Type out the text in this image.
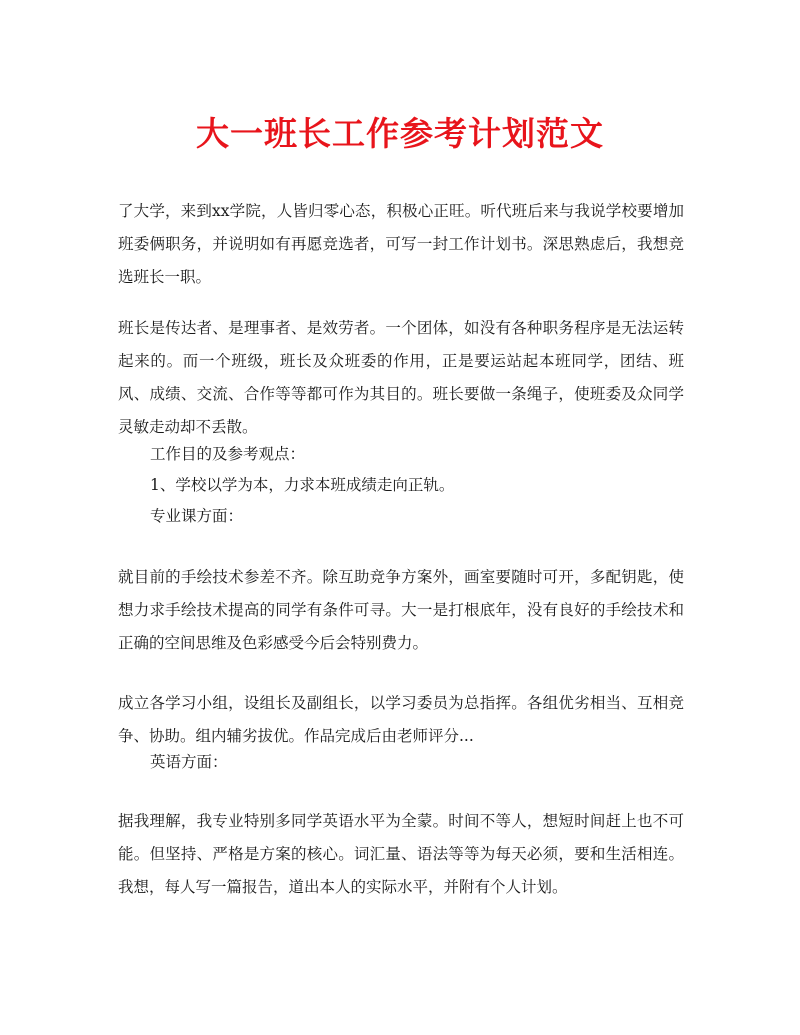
大一班长工作参考计划范文
了大学，来到xx学院，人皆归零心态，积极心正旺。听代班后来与我说学校要增加班委俩职务，并说明如有再愿竞选者，可写一封工作计划书。深思熟虑后，我想竞选班长一职。
班长是传达者、是理事者、是效劳者。一个团体，如没有各种职务程序是无法运转起来的。而一个班级，班长及众班委的作用，正是要运站起本班同学，团结、班风、成绩、交流、合作等等都可作为其目的。班长要做一条绳子，使班委及众同学灵敏走动却不丢散。
工作目的及参考观点：
1、学校以学为本，力求本班成绩走向正轨。
专业课方面：
就目前的手绘技术参差不齐。除互助竞争方案外，画室要随时可开，多配钥匙，使想力求手绘技术提高的同学有条件可寻。大一是打根底年，没有良好的手绘技术和正确的空间思维及色彩感受今后会特别费力。
成立各学习小组，设组长及副组长，以学习委员为总指挥。各组优劣相当、互相竞争、协助。组内辅劣拔优。作品完成后由老师评分...
英语方面：
据我理解，我专业特别多同学英语水平为全蒙。时间不等人，想短时间赶上也不可能。但坚持、严格是方案的核心。词汇量、语法等等为每天必须，要和生活相连。我想，每人写一篇报告，道出本人的实际水平，并附有个人计划。
